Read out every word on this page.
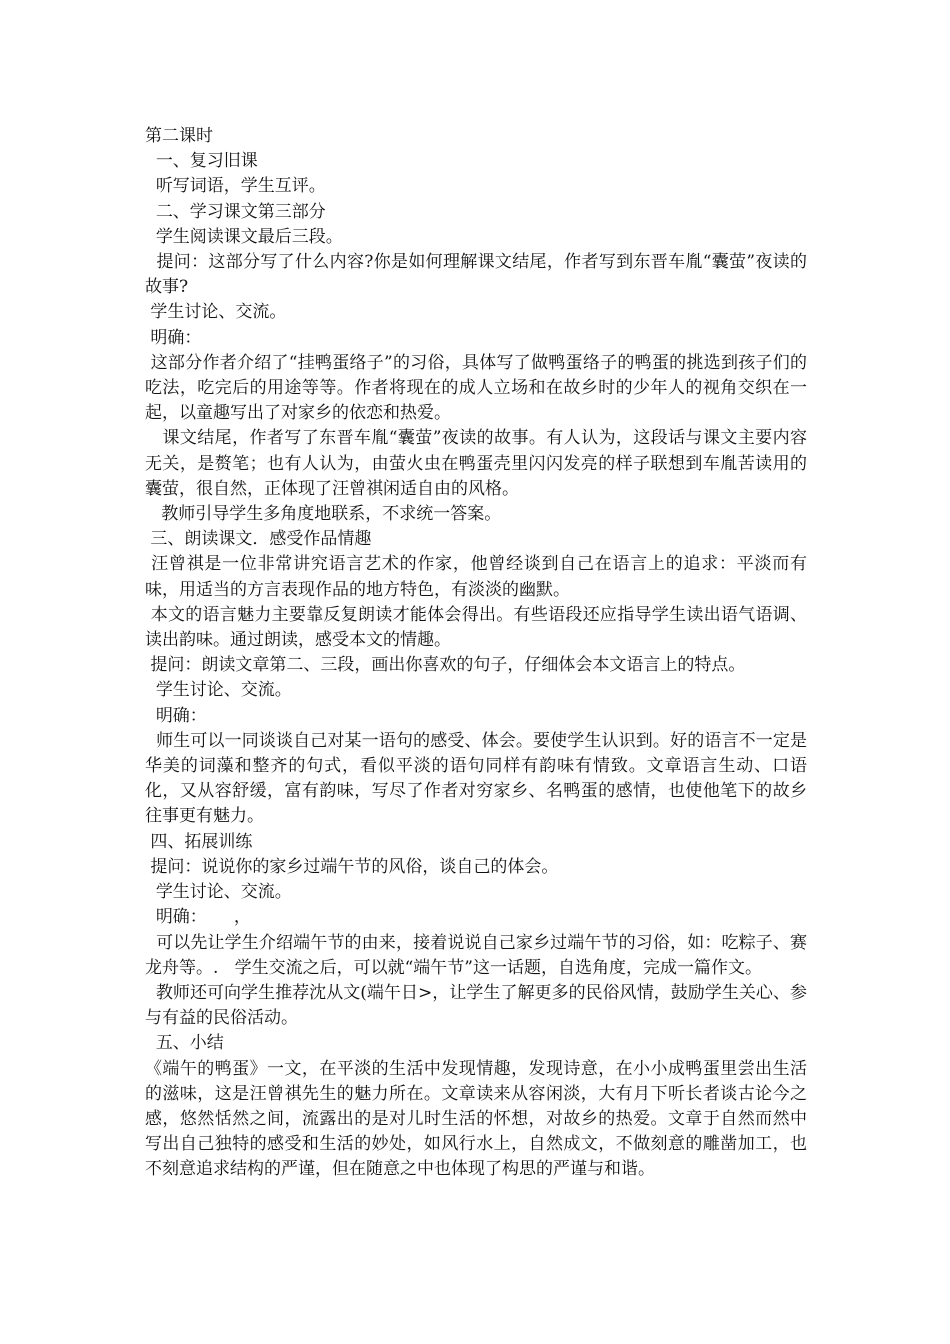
第二课时

一、复习旧课

听写词语，学生互评。

二、学习课文第三部分

学生阅读课文最后三段。

提问：这部分写了什么内容?你是如何理解课文结尾，作者写到东晋车胤“囊萤”夜读的故事?

学生讨论、交流。

明确：

这部分作者介绍了“挂鸭蛋络子”的习俗，具体写了做鸭蛋络子的鸭蛋的挑选到孩子们的吃法，吃完后的用途等等。作者将现在的成人立场和在故乡时的少年人的视角交织在一起，以童趣写出了对家乡的依恋和热爱。

课文结尾，作者写了东晋车胤“囊萤”夜读的故事。有人认为，这段话与课文主要内容无关，是赘笔；也有人认为，由萤火虫在鸭蛋壳里闪闪发亮的样子联想到车胤苦读用的囊萤，很自然，正体现了汪曾祺闲适自由的风格。

教师引导学生多角度地联系，不求统一答案。

三、朗读课文．感受作品情趣

汪曾祺是一位非常讲究语言艺术的作家，他曾经谈到自己在语言上的追求：平淡而有味，用适当的方言表现作品的地方特色，有淡淡的幽默。

本文的语言魅力主要靠反复朗读才能体会得出。有些语段还应指导学生读出语气语调、读出韵味。通过朗读，感受本文的情趣。

提问：朗读文章第二、三段，画出你喜欢的句子，仔细体会本文语言上的特点。

学生讨论、交流。

明确：

师生可以一同谈谈自己对某一语句的感受、体会。要使学生认识到。好的语言不一定是华美的词藻和整齐的句式，看似平淡的语句同样有韵味有情致。文章语言生动、口语化，又从容舒缓，富有韵味，写尽了作者对穷家乡、名鸭蛋的感情，也使他笔下的故乡往事更有魅力。

四、拓展训练

提问：说说你的家乡过端午节的风俗，谈自己的体会。

学生讨论、交流。

明确：     ，

可以先让学生介绍端午节的由来，接着说说自己家乡过端午节的习俗，如：吃粽子、赛龙舟等。.   学生交流之后，可以就“端午节”这一话题，自选角度，完成一篇作文。

教师还可向学生推荐沈从文(端午日>，让学生了解更多的民俗风情，鼓励学生关心、参与有益的民俗活动。

五、小结

《端午的鸭蛋》一文，在平淡的生活中发现情趣，发现诗意，在小小成鸭蛋里尝出生活的滋味，这是汪曾祺先生的魅力所在。文章读来从容闲淡，大有月下听长者谈古论今之感，悠然恬然之间，流露出的是对儿时生活的怀想，对故乡的热爱。文章于自然而然中写出自己独特的感受和生活的妙处，如风行水上，自然成文，不做刻意的雕凿加工，也不刻意追求结构的严谨，但在随意之中也体现了构思的严谨与和谐。
